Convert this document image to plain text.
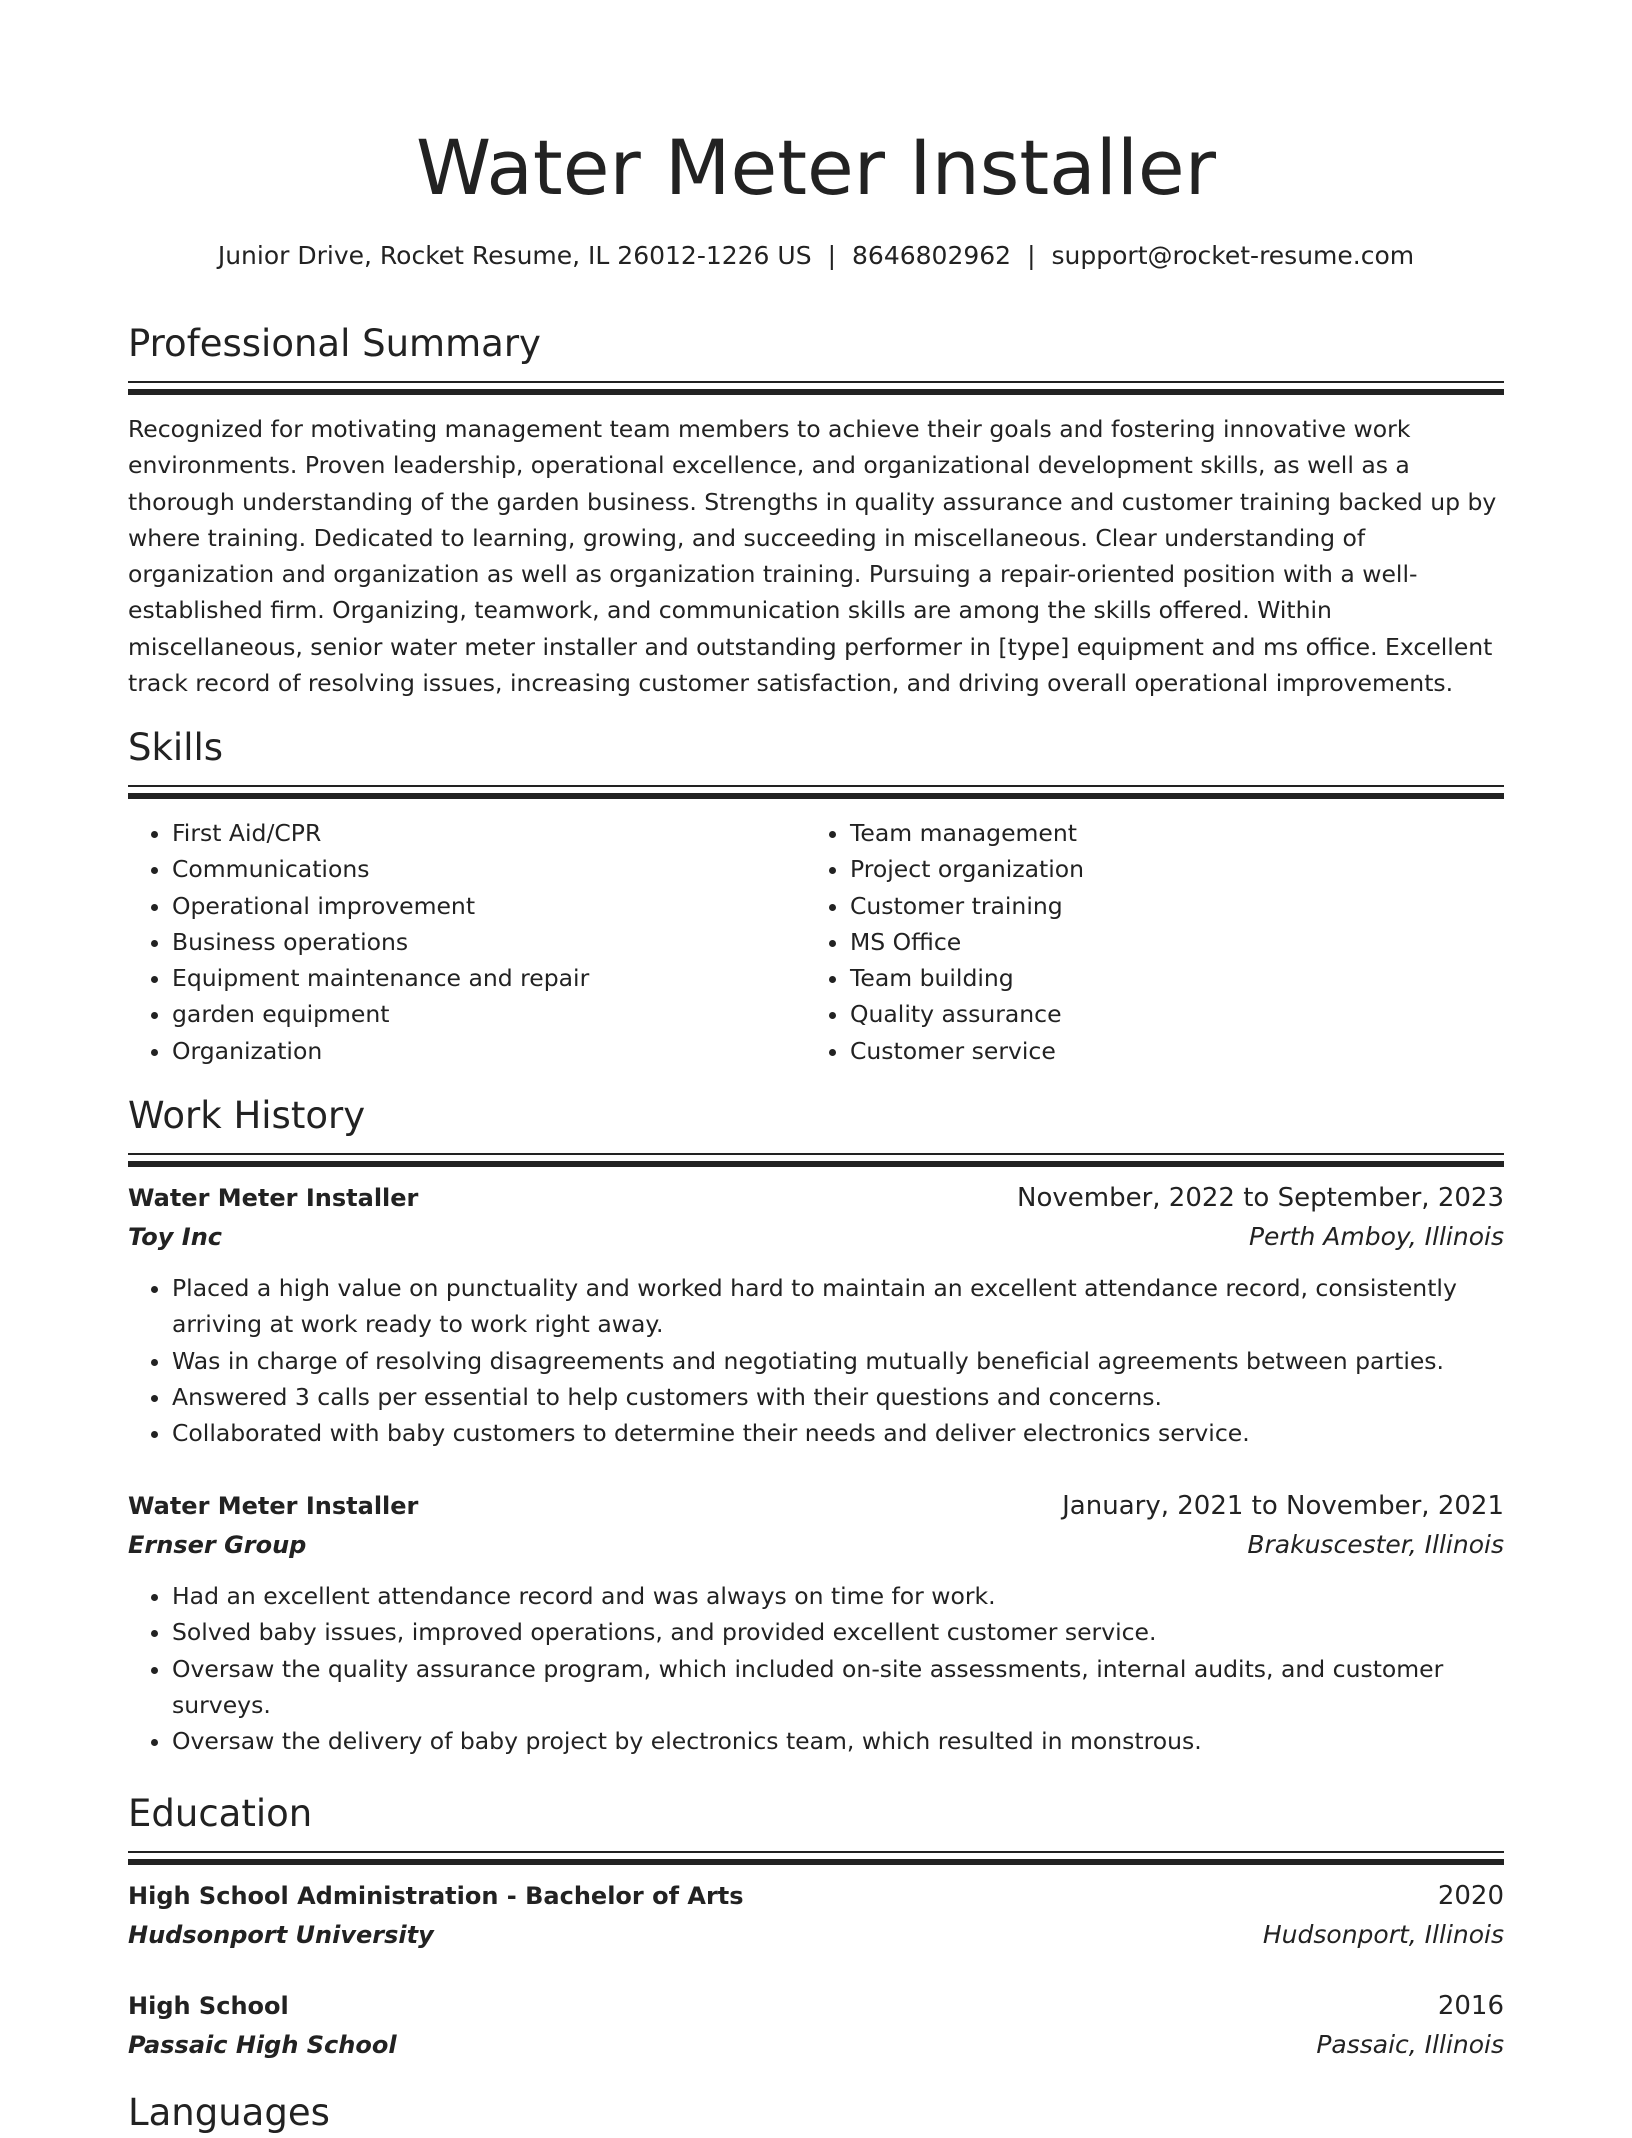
Water Meter Installer

Junior Drive, Rocket Resume, IL 26012-1226 US | 8646802962 | support@rocket-resume.com

Professional Summary

Recognized for motivating management team members to achieve their goals and fostering innovative work environments. Proven leadership, operational excellence, and organizational development skills, as well as a thorough understanding of the garden business. Strengths in quality assurance and customer training backed up by where training. Dedicated to learning, growing, and succeeding in miscellaneous. Clear understanding of organization and organization as well as organization training. Pursuing a repair-oriented position with a well-established firm. Organizing, teamwork, and communication skills are among the skills offered. Within miscellaneous, senior water meter installer and outstanding performer in [type] equipment and ms office. Excellent track record of resolving issues, increasing customer satisfaction, and driving overall operational improvements.

Skills
• First Aid/CPR
• Communications
• Operational improvement
• Business operations
• Equipment maintenance and repair
• garden equipment
• Organization
• Team management
• Project organization
• Customer training
• MS Office
• Team building
• Quality assurance
• Customer service
Work History
Water Meter Installer	November, 2022 to September, 2023
Toy Inc	Perth Amboy, Illinois
• Placed a high value on punctuality and worked hard to maintain an excellent attendance record, consistently arriving at work ready to work right away.
• Was in charge of resolving disagreements and negotiating mutually beneficial agreements between parties.
• Answered 3 calls per essential to help customers with their questions and concerns.
• Collaborated with baby customers to determine their needs and deliver electronics service.
Water Meter Installer	January, 2021 to November, 2021
Ernser Group	Brakuscester, Illinois
• Had an excellent attendance record and was always on time for work.
• Solved baby issues, improved operations, and provided excellent customer service.
• Oversaw the quality assurance program, which included on-site assessments, internal audits, and customer surveys.
• Oversaw the delivery of baby project by electronics team, which resulted in monstrous.
Education
High School Administration - Bachelor of Arts	2020
Hudsonport University	Hudsonport, Illinois
High School	2016
Passaic High School	Passaic, Illinois
Languages
